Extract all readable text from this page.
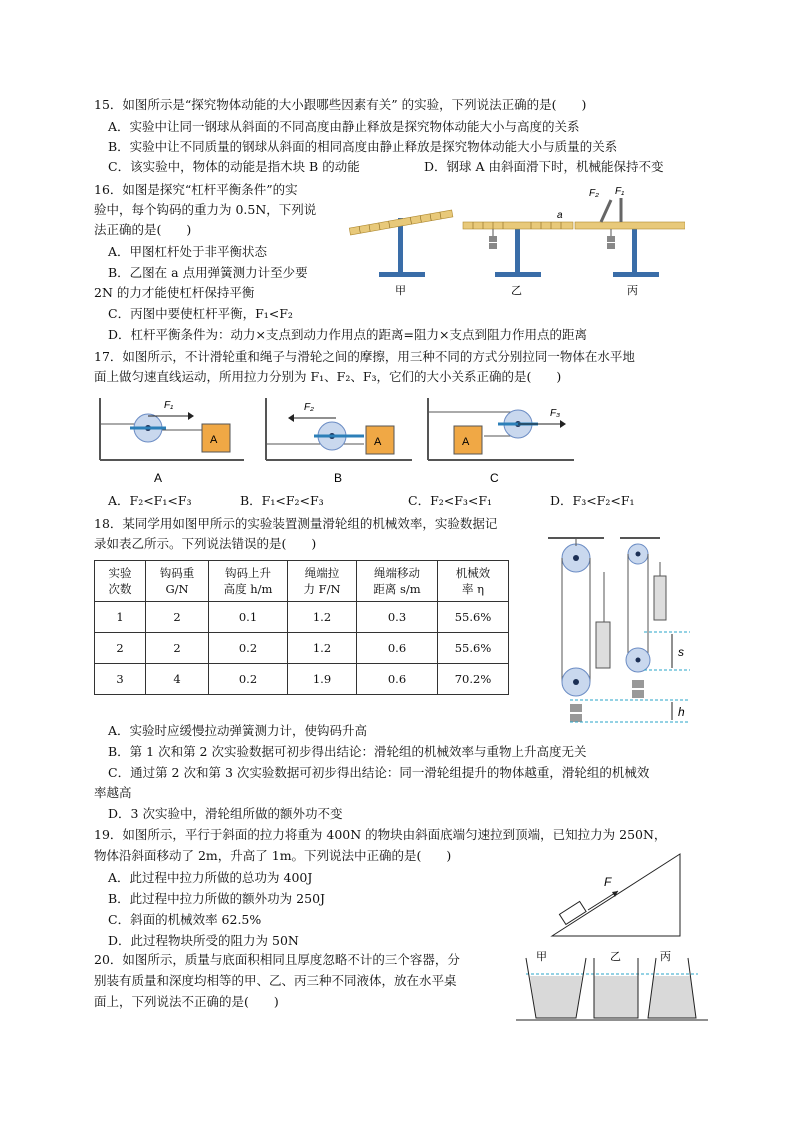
15．如图所示是“探究物体动能的大小跟哪些因素有关” 的实验，下列说法正确的是(　　)
A．实验中让同一钢球从斜面的不同高度由静止释放是探究物体动能大小与高度的关系
B．实验中让不同质量的钢球从斜面的相同高度由静止释放是探究物体动能大小与质量的关系
C．该实验中，物体的动能是指木块 B 的动能	D．钢球 A 由斜面滑下时，机械能保持不变
16．如图是探究“杠杆平衡条件”的实
验中，每个钩码的重力为 0.5N，下列说
法正确的是(　　)
A．甲图杠杆处于非平衡状态
B．乙图在 a 点用弹簧测力计至少要
2N 的力才能使杠杆保持平衡
C．丙图中要使杠杆平衡，F₁<F₂
D．杠杆平衡条件为：动力×支点到动力作用点的距离=阻力×支点到阻力作用点的距离
甲
a
乙
F₂ F₁
丙
17．如图所示，不计滑轮重和绳子与滑轮之间的摩擦，用三种不同的方式分别拉同一物体在水平地
面上做匀速直线运动，所用拉力分别为 F₁、F₂、F₃，它们的大小关系正确的是(　　)
F₁
A
A
F₂
A
B
A
F₃
C
A．F₂<F₁<F₃	B．F₁<F₂<F₃	C．F₂<F₃<F₁	D．F₃<F₂<F₁
18．某同学用如图甲所示的实验装置测量滑轮组的机械效率，实验数据记
录如表乙所示。下列说法错误的是(　　)
实验
次数	钩码重
G/N	钩码上升
高度 h/m	绳端拉
力 F/N	绳端移动
距离 s/m	机械效
率 η
1	2	0.1	1.2	0.3	55.6%
2	2	0.2	1.2	0.6	55.6%
3	4	0.2	1.9	0.6	70.2%
s
h
A．实验时应缓慢拉动弹簧测力计，使钩码升高
B．第 1 次和第 2 次实验数据可初步得出结论：滑轮组的机械效率与重物上升高度无关
C．通过第 2 次和第 3 次实验数据可初步得出结论：同一滑轮组提升的物体越重，滑轮组的机械效
率越高
D．3 次实验中，滑轮组所做的额外功不变
19．如图所示，平行于斜面的拉力将重为 400N 的物块由斜面底端匀速拉到顶端，已知拉力为 250N，
物体沿斜面移动了 2m，升高了 1m。下列说法中正确的是(　　)
A．此过程中拉力所做的总功为 400J
B．此过程中拉力所做的额外功为 250J
C．斜面的机械效率 62.5%
D．此过程物块所受的阻力为 50N
F
20．如图所示，质量与底面积相同且厚度忽略不计的三个容器，分
别装有质量和深度均相等的甲、乙、丙三种不同液体，放在水平桌
面上，下列说法不正确的是(　　)
甲	乙	丙
